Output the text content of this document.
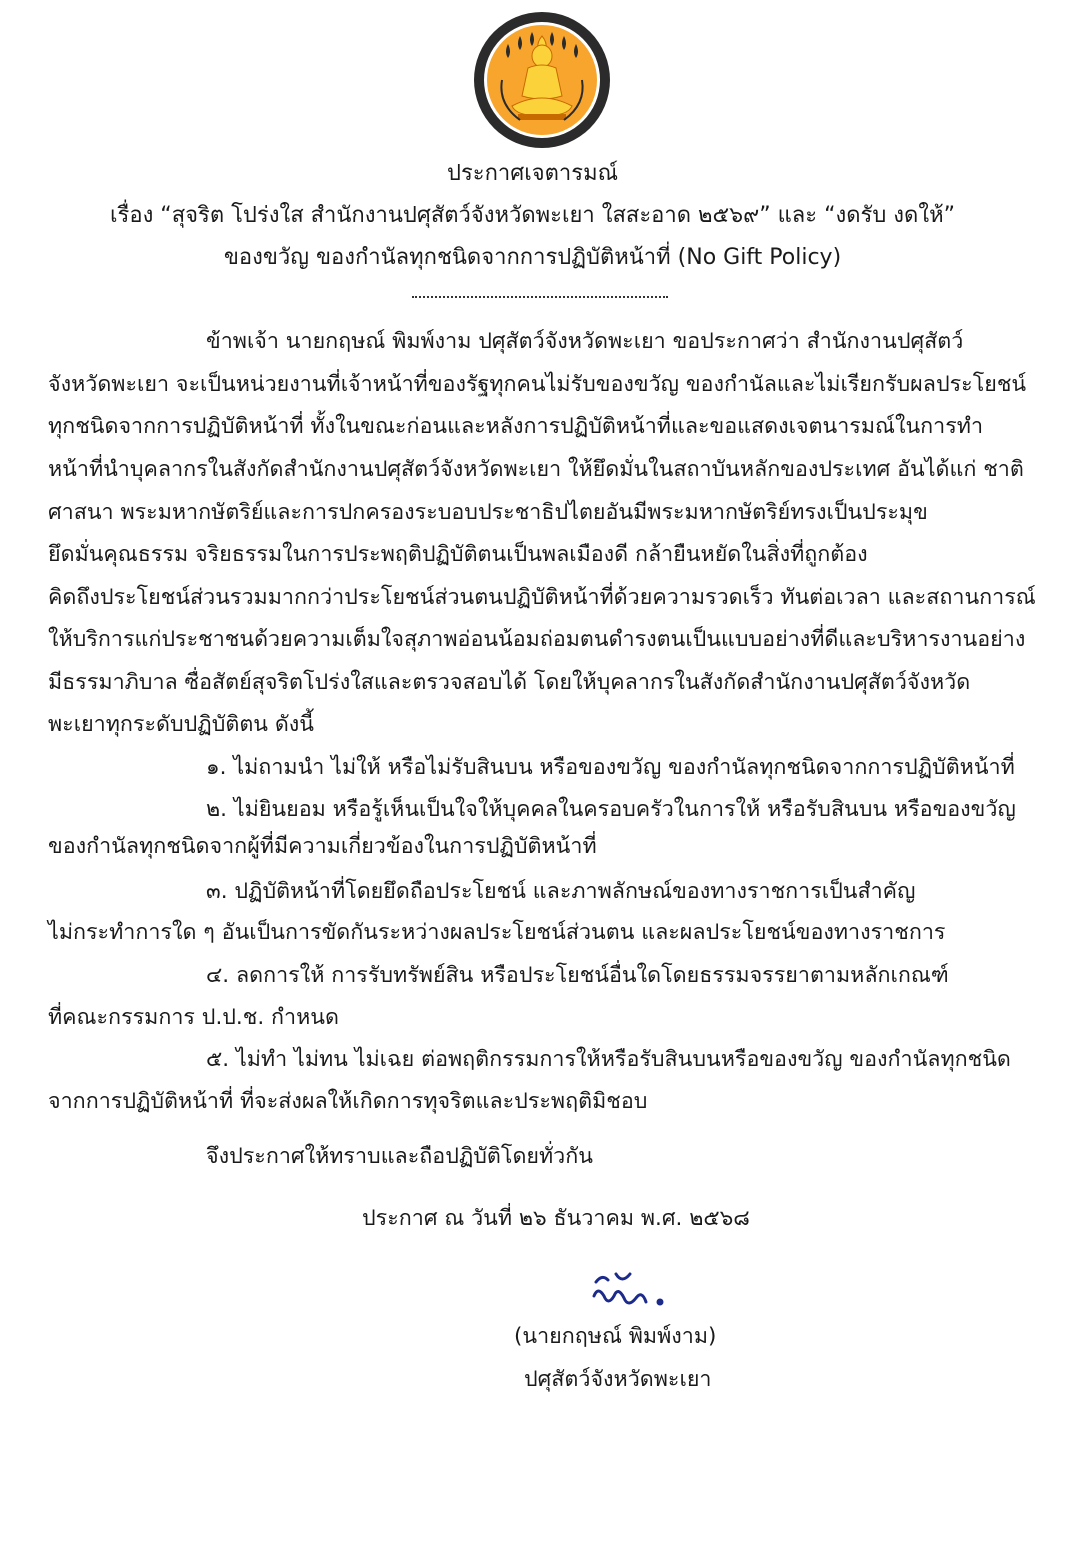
ประกาศเจตารมณ์
เรื่อง “สุจริต โปร่งใส สำนักงานปศุสัตว์จังหวัดพะเยา ใสสะอาด ๒๕๖๙” และ “งดรับ งดให้”
ของขวัญ ของกำนัลทุกชนิดจากการปฏิบัติหน้าที่ (No Gift Policy)
ข้าพเจ้า นายกฤษณ์ พิมพ์งาม ปศุสัตว์จังหวัดพะเยา ขอประกาศว่า สำนักงานปศุสัตว์
จังหวัดพะเยา จะเป็นหน่วยงานที่เจ้าหน้าที่ของรัฐทุกคนไม่รับของขวัญ ของกำนัลและไม่เรียกรับผลประโยชน์
ทุกชนิดจากการปฏิบัติหน้าที่ ทั้งในขณะก่อนและหลังการปฏิบัติหน้าที่และขอแสดงเจตนารมณ์ในการทำ
หน้าที่นำบุคลากรในสังกัดสำนักงานปศุสัตว์จังหวัดพะเยา ให้ยึดมั่นในสถาบันหลักของประเทศ อันได้แก่ ชาติ
ศาสนา พระมหากษัตริย์และการปกครองระบอบประชาธิปไตยอันมีพระมหากษัตริย์ทรงเป็นประมุข
ยึดมั่นคุณธรรม จริยธรรมในการประพฤติปฏิบัติตนเป็นพลเมืองดี กล้ายืนหยัดในสิ่งที่ถูกต้อง
คิดถึงประโยชน์ส่วนรวมมากกว่าประโยชน์ส่วนตนปฏิบัติหน้าที่ด้วยความรวดเร็ว ทันต่อเวลา และสถานการณ์
ให้บริการแก่ประชาชนด้วยความเต็มใจสุภาพอ่อนน้อมถ่อมตนดำรงตนเป็นแบบอย่างที่ดีและบริหารงานอย่าง
มีธรรมาภิบาล ซื่อสัตย์สุจริตโปร่งใสและตรวจสอบได้ โดยให้บุคลากรในสังกัดสำนักงานปศุสัตว์จังหวัด
พะเยาทุกระดับปฏิบัติตน ดังนี้
๑. ไม่ถามนำ ไม่ให้ หรือไม่รับสินบน หรือของขวัญ ของกำนัลทุกชนิดจากการปฏิบัติหน้าที่
๒. ไม่ยินยอม หรือรู้เห็นเป็นใจให้บุคคลในครอบครัวในการให้ หรือรับสินบน หรือของขวัญ
ของกำนัลทุกชนิดจากผู้ที่มีความเกี่ยวข้องในการปฏิบัติหน้าที่
๓. ปฏิบัติหน้าที่โดยยึดถือประโยชน์ และภาพลักษณ์ของทางราชการเป็นสำคัญ
ไม่กระทำการใด ๆ อันเป็นการขัดกันระหว่างผลประโยชน์ส่วนตน และผลประโยชน์ของทางราชการ
๔. ลดการให้ การรับทรัพย์สิน หรือประโยชน์อื่นใดโดยธรรมจรรยาตามหลักเกณฑ์
ที่คณะกรรมการ ป.ป.ช. กำหนด
๕. ไม่ทำ ไม่ทน ไม่เฉย ต่อพฤติกรรมการให้หรือรับสินบนหรือของขวัญ ของกำนัลทุกชนิด
จากการปฏิบัติหน้าที่ ที่จะส่งผลให้เกิดการทุจริตและประพฤติมิชอบ
จึงประกาศให้ทราบและถือปฏิบัติโดยทั่วกัน
ประกาศ ณ วันที่ ๒๖ ธันวาคม พ.ศ. ๒๕๖๘
(นายกฤษณ์ พิมพ์งาม)
ปศุสัตว์จังหวัดพะเยา
